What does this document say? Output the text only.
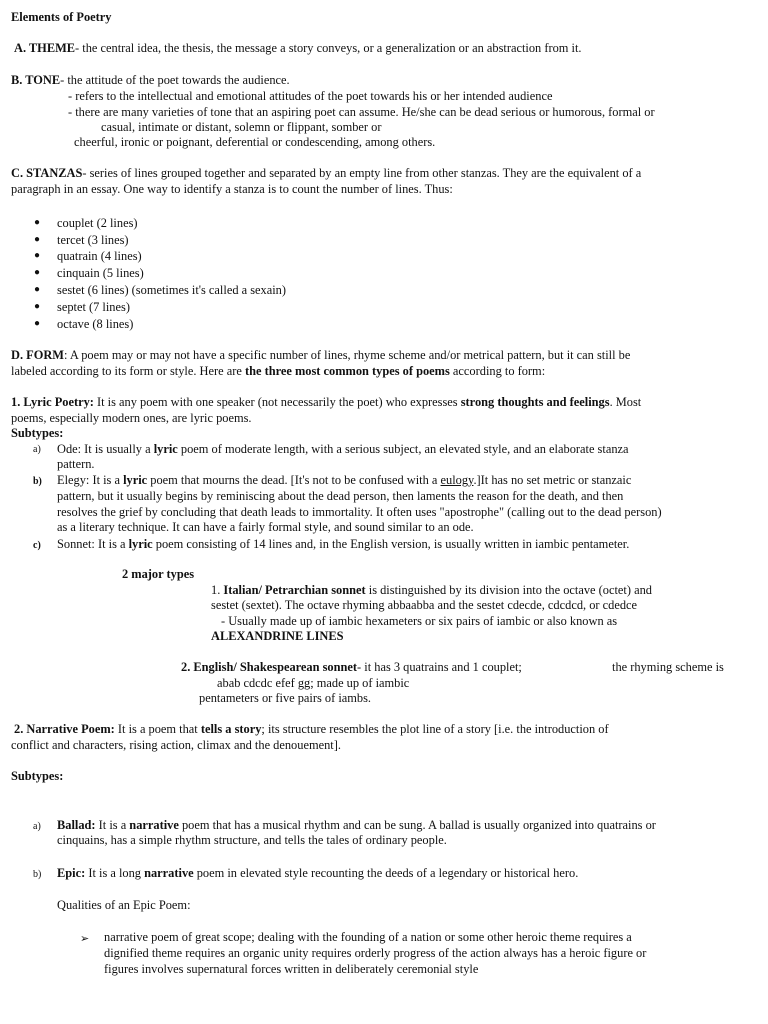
Elements of Poetry
A. THEME- the central idea, the thesis, the message a story conveys, or a generalization or an abstraction from it.
B. TONE- the attitude of the poet towards the audience.
- refers to the intellectual and emotional attitudes of the poet towards his or her intended audience
- there are many varieties of tone that an aspiring poet can assume. He/she can be dead serious or humorous, formal or
casual, intimate or distant, solemn or flippant, somber or
cheerful, ironic or poignant, deferential or condescending, among others.
C. STANZAS- series of lines grouped together and separated by an empty line from other stanzas. They are the equivalent of a
paragraph in an essay. One way to identify a stanza is to count the number of lines. Thus:
● couplet (2 lines)
● tercet (3 lines)
● quatrain (4 lines)
● cinquain (5 lines)
● sestet (6 lines) (sometimes it's called a sexain)
● septet (7 lines)
● octave (8 lines)
D. FORM: A poem may or may not have a specific number of lines, rhyme scheme and/or metrical pattern, but it can still be
labeled according to its form or style. Here are the three most common types of poems according to form:
1. Lyric Poetry: It is any poem with one speaker (not necessarily the poet) who expresses strong thoughts and feelings. Most
poems, especially modern ones, are lyric poems.
Subtypes:
a) Ode: It is usually a lyric poem of moderate length, with a serious subject, an elevated style, and an elaborate stanza
pattern.
b) Elegy: It is a lyric poem that mourns the dead. [It's not to be confused with a eulogy.]It has no set metric or stanzaic
pattern, but it usually begins by reminiscing about the dead person, then laments the reason for the death, and then
resolves the grief by concluding that death leads to immortality. It often uses "apostrophe" (calling out to the dead person)
as a literary technique. It can have a fairly formal style, and sound similar to an ode.
c) Sonnet: It is a lyric poem consisting of 14 lines and, in the English version, is usually written in iambic pentameter.
2 major types
1. Italian/ Petrarchian sonnet is distinguished by its division into the octave (octet) and
sestet (sextet). The octave rhyming abbaabba and the sestet cdecde, cdcdcd, or cdedce
- Usually made up of iambic hexameters or six pairs of iambic or also known as
ALEXANDRINE LINES
2. English/ Shakespearean sonnet- it has 3 quatrains and 1 couplet;	the rhyming scheme is
abab cdcdc efef gg; made up of iambic
pentameters or five pairs of iambs.
2. Narrative Poem: It is a poem that tells a story; its structure resembles the plot line of a story [i.e. the introduction of
conflict and characters, rising action, climax and the denouement].
Subtypes:
a) Ballad: It is a narrative poem that has a musical rhythm and can be sung. A ballad is usually organized into quatrains or
cinquains, has a simple rhythm structure, and tells the tales of ordinary people.
b) Epic: It is a long narrative poem in elevated style recounting the deeds of a legendary or historical hero.
Qualities of an Epic Poem:
➢ narrative poem of great scope; dealing with the founding of a nation or some other heroic theme requires a
dignified theme requires an organic unity requires orderly progress of the action always has a heroic figure or
figures involves supernatural forces written in deliberately ceremonial style
